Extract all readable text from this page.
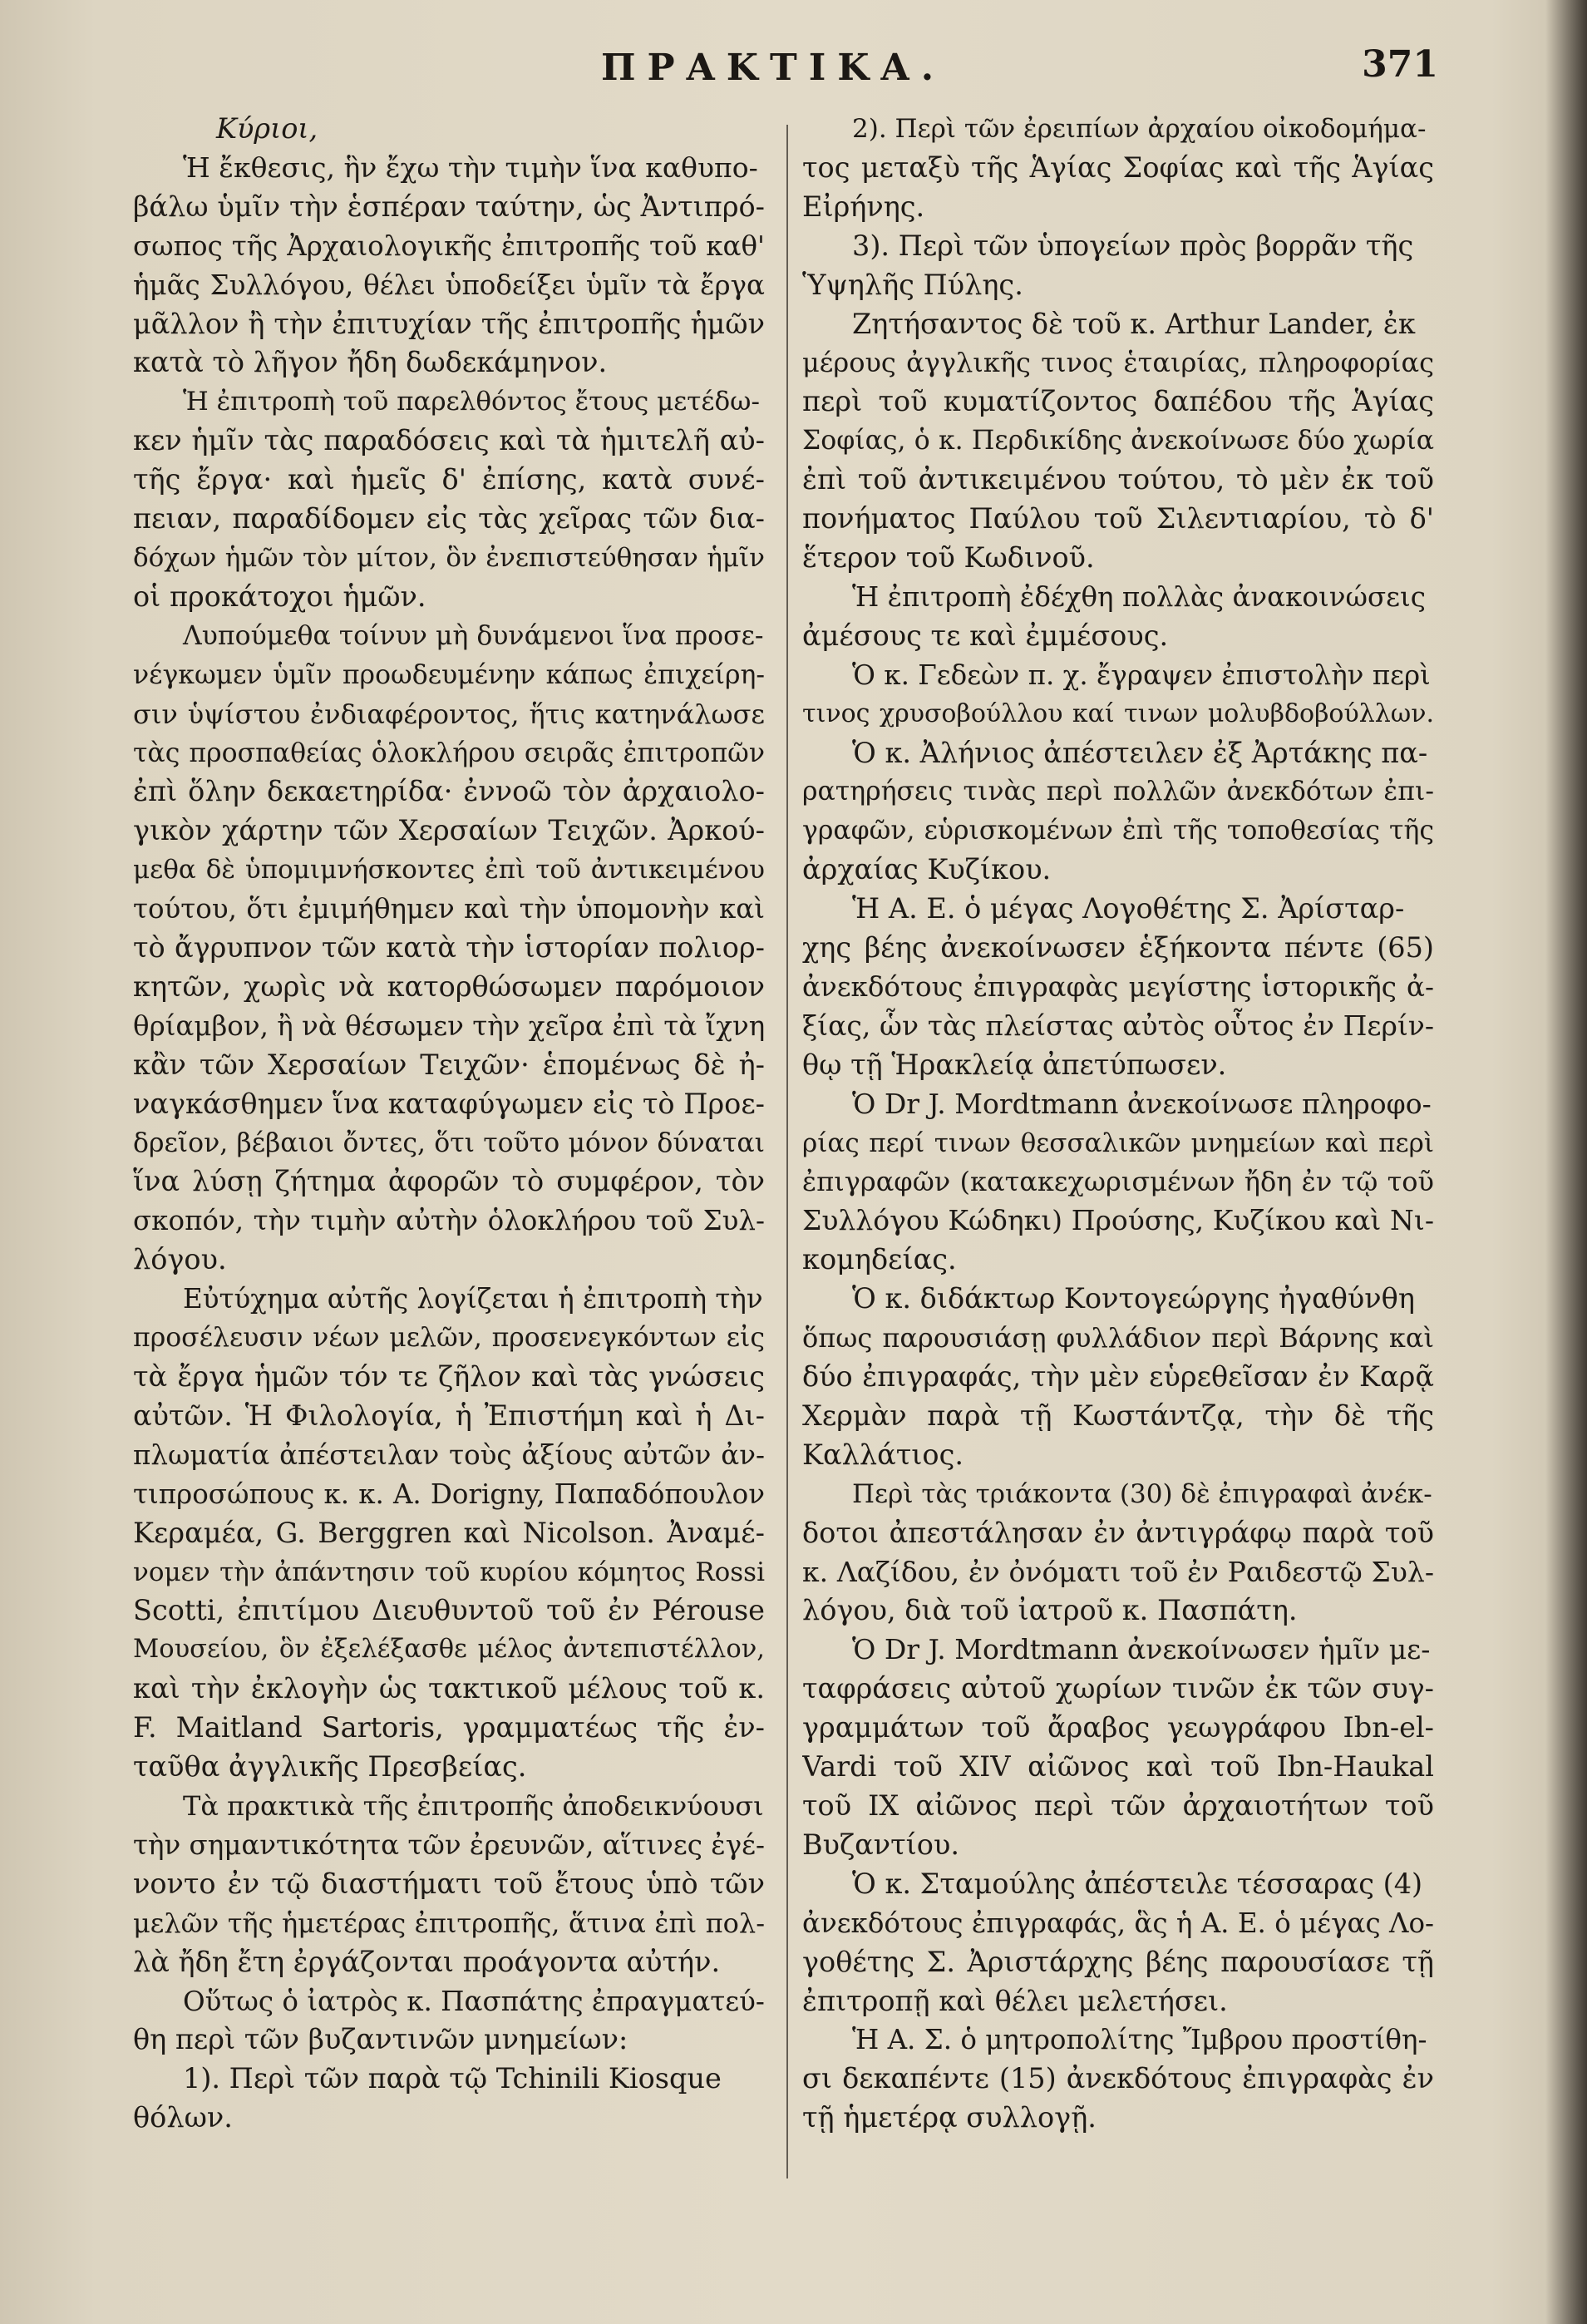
ΠΡΑΚΤΙΚΑ.	371
Κύριοι,
Ἡ ἔκθεσις, ἣν ἔχω τὴν τιμὴν ἵνα καθυπο-
βάλω ὑμῖν τὴν ἑσπέραν ταύτην, ὡς Ἀντιπρό-
σωπος τῆς Ἀρχαιολογικῆς ἐπιτροπῆς τοῦ καθ'
ἡμᾶς Συλλόγου, θέλει ὑποδείξει ὑμῖν τὰ ἔργα
μᾶλλον ἢ τὴν ἐπιτυχίαν τῆς ἐπιτροπῆς ἡμῶν
κατὰ τὸ λῆγον ἤδη δωδεκάμηνον.
Ἡ ἐπιτροπὴ τοῦ παρελθόντος ἔτους μετέδω-
κεν ἡμῖν τὰς παραδόσεις καὶ τὰ ἡμιτελῆ αὐ-
τῆς ἔργα· καὶ ἡμεῖς δ' ἐπίσης, κατὰ συνέ-
πειαν, παραδίδομεν εἰς τὰς χεῖρας τῶν δια-
δόχων ἡμῶν τὸν μίτον, ὃν ἐνεπιστεύθησαν ἡμῖν
οἱ προκάτοχοι ἡμῶν.
Λυπούμεθα τοίνυν μὴ δυνάμενοι ἵνα προσε-
νέγκωμεν ὑμῖν προωδευμένην κάπως ἐπιχείρη-
σιν ὑψίστου ἐνδιαφέροντος, ἥτις κατηνάλωσε
τὰς προσπαθείας ὁλοκλήρου σειρᾶς ἐπιτροπῶν
ἐπὶ ὅλην δεκαετηρίδα· ἐννοῶ τὸν ἀρχαιολο-
γικὸν χάρτην τῶν Χερσαίων Τειχῶν. Ἀρκού-
μεθα δὲ ὑπομιμνήσκοντες ἐπὶ τοῦ ἀντικειμένου
τούτου, ὅτι ἐμιμήθημεν καὶ τὴν ὑπομονὴν καὶ
τὸ ἄγρυπνον τῶν κατὰ τὴν ἱστορίαν πολιορ-
κητῶν, χωρὶς νὰ κατορθώσωμεν παρόμοιον
θρίαμβον, ἢ νὰ θέσωμεν τὴν χεῖρα ἐπὶ τὰ ἴχνη
κἂν τῶν Χερσαίων Τειχῶν· ἑπομένως δὲ ἠ-
ναγκάσθημεν ἵνα καταφύγωμεν εἰς τὸ Προε-
δρεῖον, βέβαιοι ὄντες, ὅτι τοῦτο μόνον δύναται
ἵνα λύσῃ ζήτημα ἀφορῶν τὸ συμφέρον, τὸν
σκοπόν, τὴν τιμὴν αὐτὴν ὁλοκλήρου τοῦ Συλ-
λόγου.
Εὐτύχημα αὐτῆς λογίζεται ἡ ἐπιτροπὴ τὴν
προσέλευσιν νέων μελῶν, προσενεγκόντων εἰς
τὰ ἔργα ἡμῶν τόν τε ζῆλον καὶ τὰς γνώσεις
αὐτῶν. Ἡ Φιλολογία, ἡ Ἐπιστήμη καὶ ἡ Δι-
πλωματία ἀπέστειλαν τοὺς ἀξίους αὐτῶν ἀν-
τιπροσώπους κ. κ. A. Dorigny, Παπαδόπουλον
Κεραμέα, G. Berggren καὶ Nicolson. Ἀναμέ-
νομεν τὴν ἀπάντησιν τοῦ κυρίου κόμητος Rossi
Scotti, ἐπιτίμου Διευθυντοῦ τοῦ ἐν Pérouse
Μουσείου, ὃν ἐξελέξασθε μέλος ἀντεπιστέλλον,
καὶ τὴν ἐκλογὴν ὡς τακτικοῦ μέλους τοῦ κ.
F. Maitland Sartoris, γραμματέως τῆς ἐν-
ταῦθα ἀγγλικῆς Πρεσβείας.
Τὰ πρακτικὰ τῆς ἐπιτροπῆς ἀποδεικνύουσι
τὴν σημαντικότητα τῶν ἐρευνῶν, αἵτινες ἐγέ-
νοντο ἐν τῷ διαστήματι τοῦ ἔτους ὑπὸ τῶν
μελῶν τῆς ἡμετέρας ἐπιτροπῆς, ἅτινα ἐπὶ πολ-
λὰ ἤδη ἔτη ἐργάζονται προάγοντα αὐτήν.
Οὕτως ὁ ἰατρὸς κ. Πασπάτης ἐπραγματεύ-
θη περὶ τῶν βυζαντινῶν μνημείων:
1). Περὶ τῶν παρὰ τῷ Tchinili Kiosque
θόλων.
2). Περὶ τῶν ἐρειπίων ἀρχαίου οἰκοδομήμα-
τος μεταξὺ τῆς Ἁγίας Σοφίας καὶ τῆς Ἁγίας
Εἰρήνης.
3). Περὶ τῶν ὑπογείων πρὸς βορρᾶν τῆς
Ὑψηλῆς Πύλης.
Ζητήσαντος δὲ τοῦ κ. Arthur Lander, ἐκ
μέρους ἀγγλικῆς τινος ἑταιρίας, πληροφορίας
περὶ τοῦ κυματίζοντος δαπέδου τῆς Ἁγίας
Σοφίας, ὁ κ. Περδικίδης ἀνεκοίνωσε δύο χωρία
ἐπὶ τοῦ ἀντικειμένου τούτου, τὸ μὲν ἐκ τοῦ
πονήματος Παύλου τοῦ Σιλεντιαρίου, τὸ δ'
ἕτερον τοῦ Κωδινοῦ.
Ἡ ἐπιτροπὴ ἐδέχθη πολλὰς ἀνακοινώσεις
ἀμέσους τε καὶ ἐμμέσους.
Ὁ κ. Γεδεὼν π. χ. ἔγραψεν ἐπιστολὴν περὶ
τινος χρυσοβούλλου καί τινων μολυβδοβούλλων.
Ὁ κ. Ἀλήνιος ἀπέστειλεν ἐξ Ἀρτάκης πα-
ρατηρήσεις τινὰς περὶ πολλῶν ἀνεκδότων ἐπι-
γραφῶν, εὑρισκομένων ἐπὶ τῆς τοποθεσίας τῆς
ἀρχαίας Κυζίκου.
Ἡ Α. Ε. ὁ μέγας Λογοθέτης Σ. Ἀρίσταρ-
χης βέης ἀνεκοίνωσεν ἑξήκοντα πέντε (65)
ἀνεκδότους ἐπιγραφὰς μεγίστης ἱστορικῆς ἀ-
ξίας, ὧν τὰς πλείστας αὐτὸς οὗτος ἐν Περίν-
θῳ τῇ Ἡρακλείᾳ ἀπετύπωσεν.
Ὁ Dr J. Mordtmann ἀνεκοίνωσε πληροφο-
ρίας περί τινων θεσσαλικῶν μνημείων καὶ περὶ
ἐπιγραφῶν (κατακεχωρισμένων ἤδη ἐν τῷ τοῦ
Συλλόγου Κώδηκι) Προύσης, Κυζίκου καὶ Νι-
κομηδείας.
Ὁ κ. διδάκτωρ Κοντογεώργης ἠγαθύνθη
ὅπως παρουσιάσῃ φυλλάδιον περὶ Βάρνης καὶ
δύο ἐπιγραφάς, τὴν μὲν εὑρεθεῖσαν ἐν Καρᾷ
Χερμὰν παρὰ τῇ Κωστάντζᾳ, τὴν δὲ τῆς
Καλλάτιος.
Περὶ τὰς τριάκοντα (30) δὲ ἐπιγραφαὶ ἀνέκ-
δοτοι ἀπεστάλησαν ἐν ἀντιγράφῳ παρὰ τοῦ
κ. Λαζίδου, ἐν ὀνόματι τοῦ ἐν Ραιδεστῷ Συλ-
λόγου, διὰ τοῦ ἰατροῦ κ. Πασπάτη.
Ὁ Dr J. Mordtmann ἀνεκοίνωσεν ἡμῖν με-
ταφράσεις αὐτοῦ χωρίων τινῶν ἐκ τῶν συγ-
γραμμάτων τοῦ ἄραβος γεωγράφου Ibn-el-
Vardi τοῦ XIV αἰῶνος καὶ τοῦ Ibn-Haukal
τοῦ IX αἰῶνος περὶ τῶν ἀρχαιοτήτων τοῦ
Βυζαντίου.
Ὁ κ. Σταμούλης ἀπέστειλε τέσσαρας (4)
ἀνεκδότους ἐπιγραφάς, ἃς ἡ Α. Ε. ὁ μέγας Λο-
γοθέτης Σ. Ἀριστάρχης βέης παρουσίασε τῇ
ἐπιτροπῇ καὶ θέλει μελετήσει.
Ἡ Α. Σ. ὁ μητροπολίτης Ἴμβρου προστίθη-
σι δεκαπέντε (15) ἀνεκδότους ἐπιγραφὰς ἐν
τῇ ἡμετέρᾳ συλλογῇ.
